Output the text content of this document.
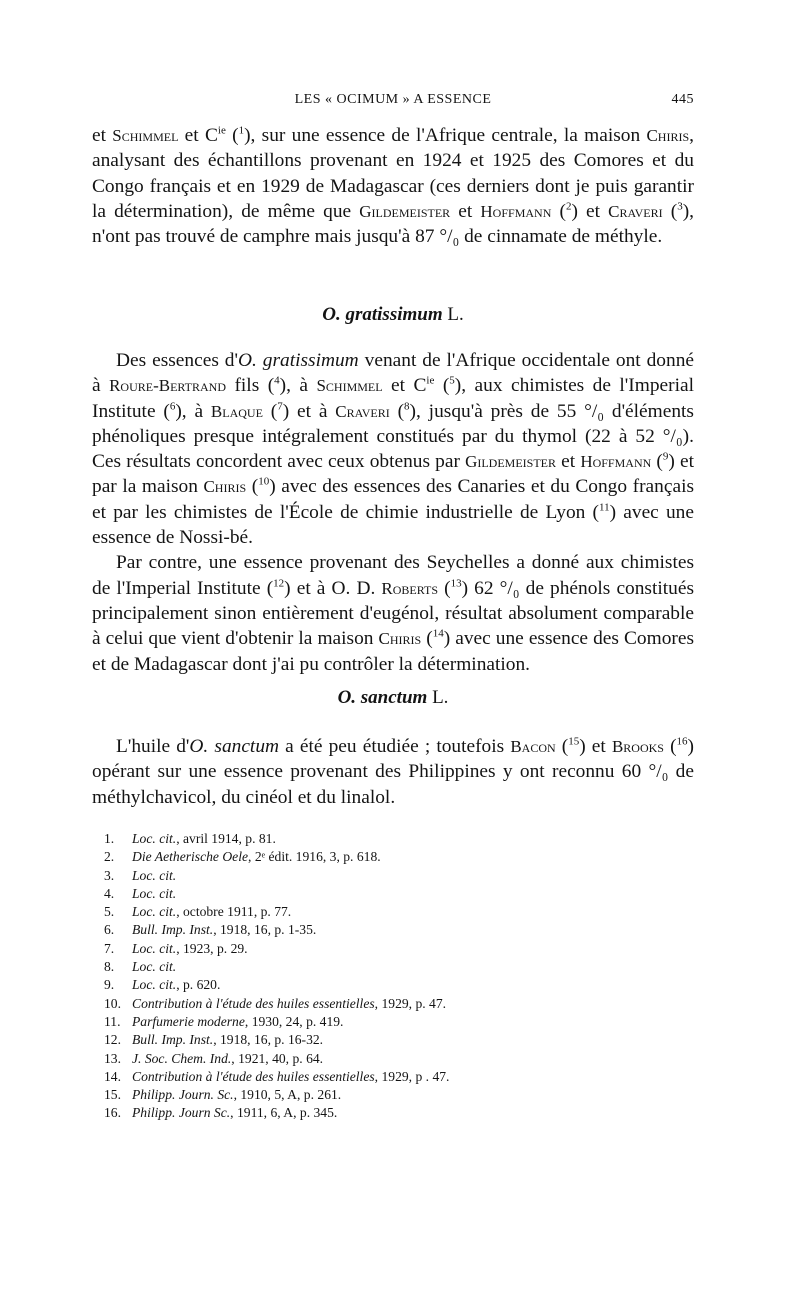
LES « OCIMUM » A ESSENCE	445

et Schimmel et $C^{ie}$ ($^1$), sur une essence de l'Afrique centrale, la maison Chiris, analysant des échantillons provenant en 1924 et 1925 des Comores et du Congo français et en 1929 de Madagascar (ces derniers dont je puis garantir la détermination), de même que Gildemeister et Hoffmann ($^2$) et Craveri ($^3$), n'ont pas trouvé de camphre mais jusqu'à 87 °/₀ de cinnamate de méthyle.

O. gratissimum L.

Des essences d'O. gratissimum venant de l'Afrique occidentale ont donné à Roure-Bertrand fils ($^4$), à Schimmel et $C^{ie}$ ($^5$), aux chimistes de l'Imperial Institute ($^6$), à Blaque ($^7$) et à Craveri ($^8$), jusqu'à près de 55 °/₀ d'éléments phénoliques presque intégralement constitués par du thymol (22 à 52 °/₀). Ces résultats concordent avec ceux obtenus par Gildemeister et Hoffmann ($^9$) et par la maison Chiris ($^{10}$) avec des essences des Canaries et du Congo français et par les chimistes de l'École de chimie industrielle de Lyon ($^{11}$) avec une essence de Nossi-bé.

Par contre, une essence provenant des Seychelles a donné aux chimistes de l'Imperial Institute ($^{12}$) et à O. D. Roberts ($^{13}$) 62 °/₀ de phénols constitués principalement sinon entièrement d'eugénol, résultat absolument comparable à celui que vient d'obtenir la maison Chiris ($^{14}$) avec une essence des Comores et de Madagascar dont j'ai pu contrôler la détermination.

O. sanctum L.

L'huile d'O. sanctum a été peu étudiée ; toutefois Bacon ($^{15}$) et Brooks ($^{16}$) opérant sur une essence provenant des Philippines y ont reconnu 60 °/₀ de méthylchavicol, du cinéol et du linalol.

1. Loc. cit., avril 1914, p. 81.
2. Die Aetherische Oele, 2ᵉ édit. 1916, 3, p. 618.
3. Loc. cit.
4. Loc. cit.
5. Loc. cit., octobre 1911, p. 77.
6. Bull. Imp. Inst., 1918, 16, p. 1-35.
7. Loc. cit., 1923, p. 29.
8. Loc. cit.
9. Loc. cit., p. 620.
10. Contribution à l'étude des huiles essentielles, 1929, p. 47.
11. Parfumerie moderne, 1930, 24, p. 419.
12. Bull. Imp. Inst., 1918, 16, p. 16-32.
13. J. Soc. Chem. Ind., 1921, 40, p. 64.
14. Contribution à l'étude des huiles essentielles, 1929, p . 47.
15. Philipp. Journ. Sc., 1910, 5, A, p. 261.
16. Philipp. Journ Sc., 1911, 6, A, p. 345.
